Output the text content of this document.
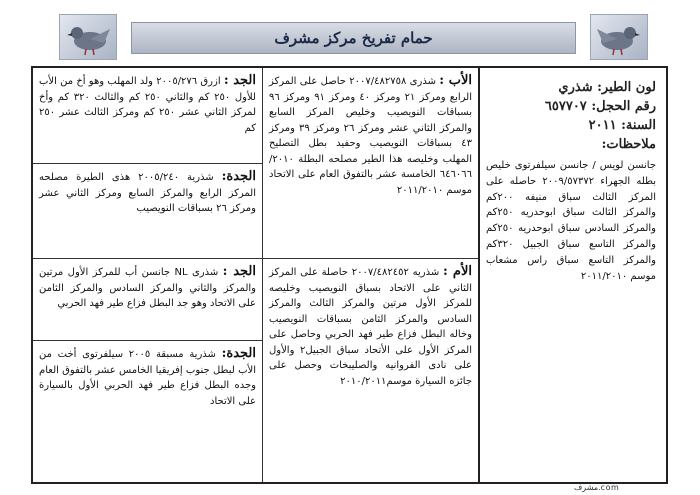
حمام تفريخ مركز مشرف
لون الطير: شذري
رقم الحجل: ٦٥٧٧٠٧
السنة: ٢٠١١
ملاحظات:
جانسن لويس / جانسن سيلفرتوى خليص بطله الجهراء ٢٠٠٩/٥٧٣٧٢ حاصله على المركز الثالث سباق منيفه ٢٠٠كم والمركز الثالث سباق ابوحدريه ٢٥٠كم والمركز السادس سباق ابوحدريه ٢٥٠كم والمركز التاسع سباق الجبيل ٣٢٠كم والمركز التاسع سباق راس مشعاب موسم ٢٠١١/٢٠١٠
الأب : شذرى ٢٠٠٧/٤٨٢٧٥٨ حاصل على المركز الرابع ومركز ٢١ ومركز ٤٠ ومركز ٩١ ومركز ٩٦ بسباقات النويصيب وخليص المركز السابع والمركز الثاني عشر ومركز ٢٦ ومركز ٣٩ ومركز ٤٣ بسباقات النويصيب وحفيد بطل التصليح المهلب وخليصه هذا الطير مصلحه البطلة ٢٠١٠/ ٦٤٦٠٦٦ الخامسة عشر بالتفوق العام على الاتحاد موسم ٢٠١١/٢٠١٠
الأم : شذريه ٢٠٠٧/٤٨٢٤٥٢ حاصلة على المركز الثاني على الاتحاد بسباق النويصيب وخليصه للمركز الأول مرتين والمركز الثالث والمركز السادس والمركز الثامن بسباقات النويصيب وخاله البطل فزاع طير فهد الحربي وحاصل على المركز الأول على الأتحاد سباق الجبيل٢ والأول على نادى الفروانيه والصليبخات وحصل على جائزه السيارة موسم٢٠١٠/٢٠١١
الجد : ازرق ٢٠٠٥/٢٧٦ ولد المهلب وهو أخ من الأب للأول ٢٥٠ كم والثاني ٢٥٠ كم والثالث ٣٢٠ كم وأخ لمركز الثاني عشر ٢٥٠ كم ومركز الثالث عشر ٢٥٠ كم
الجدة: شذرية ٢٠٠٥/٢٤٠ هذى الطيرة مصلحه المركز الرابع والمركز السابع ومركز الثاني عشر ومركز ٢٦ بسباقات النويصيب
الجد : شذرى NL جانسن أب للمركز الأول مرتين والمركز والثاني والمركز السادس والمركز الثامن على الاتحاد وهو جد البطل فزاع طير فهد الحربي
الجدة: شذرية مسبقة ٢٠٠٥ سيلفرتوى أخت من الأب لبطل جنوب إفريقيا الخامس عشر بالتفوق العام وجده البطل فزاع طير فهد الحربي الأول بالسيارة على الاتحاد
مشرف.com
